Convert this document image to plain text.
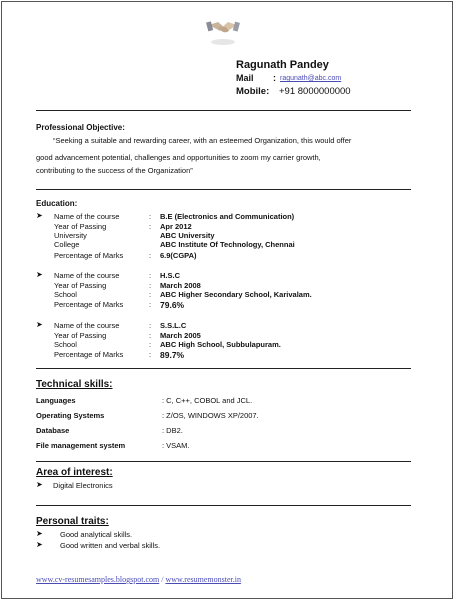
Ragunath Pandey
Mail : ragunath@abc.com
Mobile: +91 8000000000
Professional Objective:
“Seeking a suitable and rewarding career, with an esteemed Organization, this would offer
good advancement potential, challenges and opportunities to zoom my carrier growth,
contributing to the success of the Organization”
Education:
➤ Name of the course	: B.E (Electronics and Communication)
Year of Passing	: Apr 2012
University	ABC University
College	ABC Institute Of Technology, Chennai
Percentage of Marks	: 6.9(CGPA)
➤ Name of the course	: H.S.C
Year of Passing	: March 2008
School	: ABC Higher Secondary School, Karivalam.
Percentage of Marks	: 79.6%
➤ Name of the course	: S.S.L.C
Year of Passing	: March 2005
School	: ABC High School, Subbulapuram.
Percentage of Marks	: 89.7%
Technical skills:
Languages	: C, C++, COBOL and JCL.
Operating Systems	: Z/OS, WINDOWS XP/2007.
Database	: DB2.
File management system	: VSAM.
Area of interest:
➤ Digital Electronics
Personal traits:
➤ Good analytical skills.
➤ Good written and verbal skills.
www.cv-resumesamples.blogspot.com / www.resumemonster.in
